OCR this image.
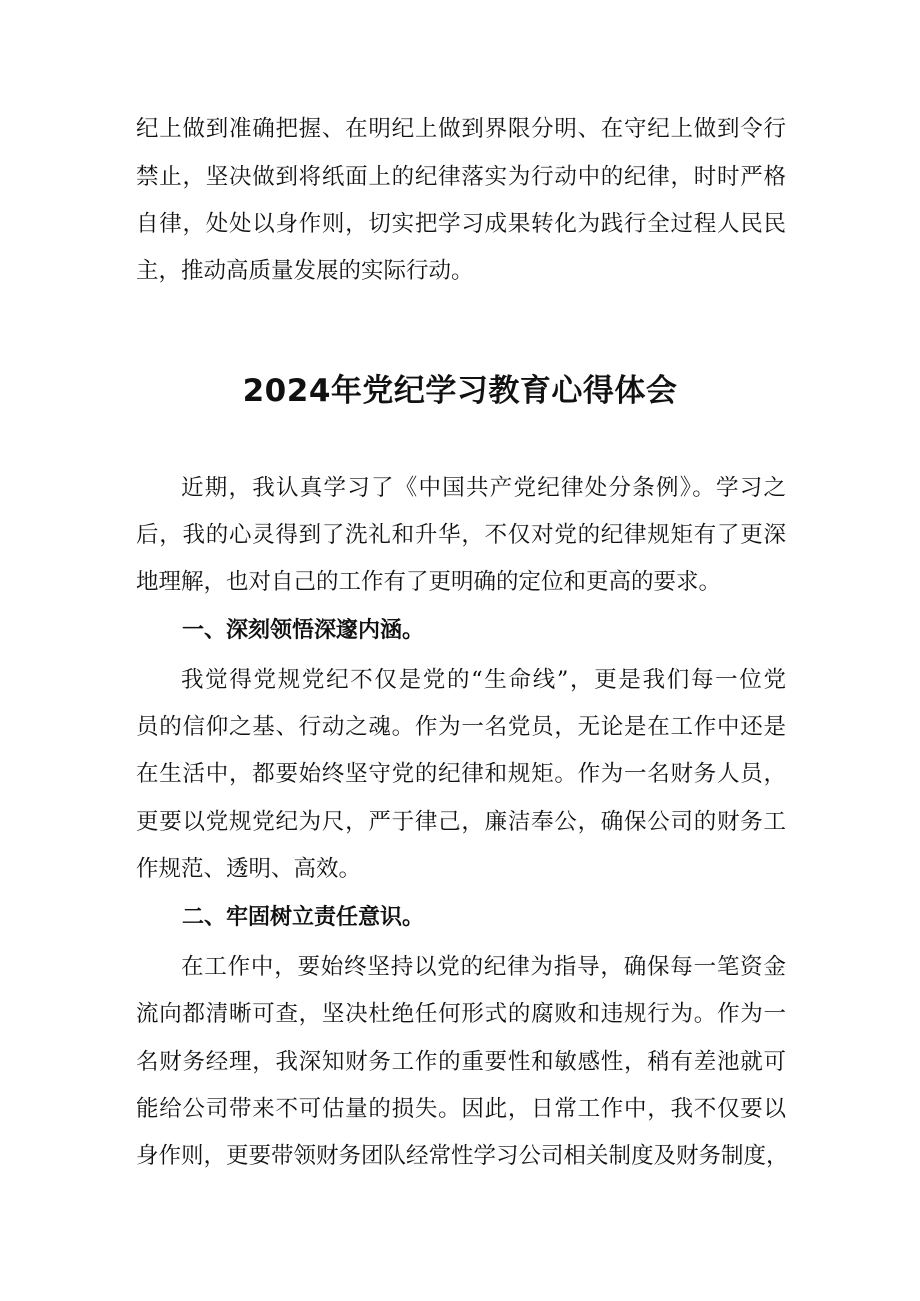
纪上做到准确把握、在明纪上做到界限分明、在守纪上做到令行

禁止，坚决做到将纸面上的纪律落实为行动中的纪律，时时严格

自律，处处以身作则，切实把学习成果转化为践行全过程人民民

主，推动高质量发展的实际行动。

2024年党纪学习教育心得体会

近期，我认真学习了《中国共产党纪律处分条例》。学习之

后，我的心灵得到了洗礼和升华，不仅对党的纪律规矩有了更深

地理解，也对自己的工作有了更明确的定位和更高的要求。

一、深刻领悟深邃内涵。

我觉得党规党纪不仅是党的“生命线”，更是我们每一位党

员的信仰之基、行动之魂。作为一名党员，无论是在工作中还是

在生活中，都要始终坚守党的纪律和规矩。作为一名财务人员，

更要以党规党纪为尺，严于律己，廉洁奉公，确保公司的财务工

作规范、透明、高效。

二、牢固树立责任意识。

在工作中，要始终坚持以党的纪律为指导，确保每一笔资金

流向都清晰可查，坚决杜绝任何形式的腐败和违规行为。作为一

名财务经理，我深知财务工作的重要性和敏感性，稍有差池就可

能给公司带来不可估量的损失。因此，日常工作中，我不仅要以

身作则，更要带领财务团队经常性学习公司相关制度及财务制度，
